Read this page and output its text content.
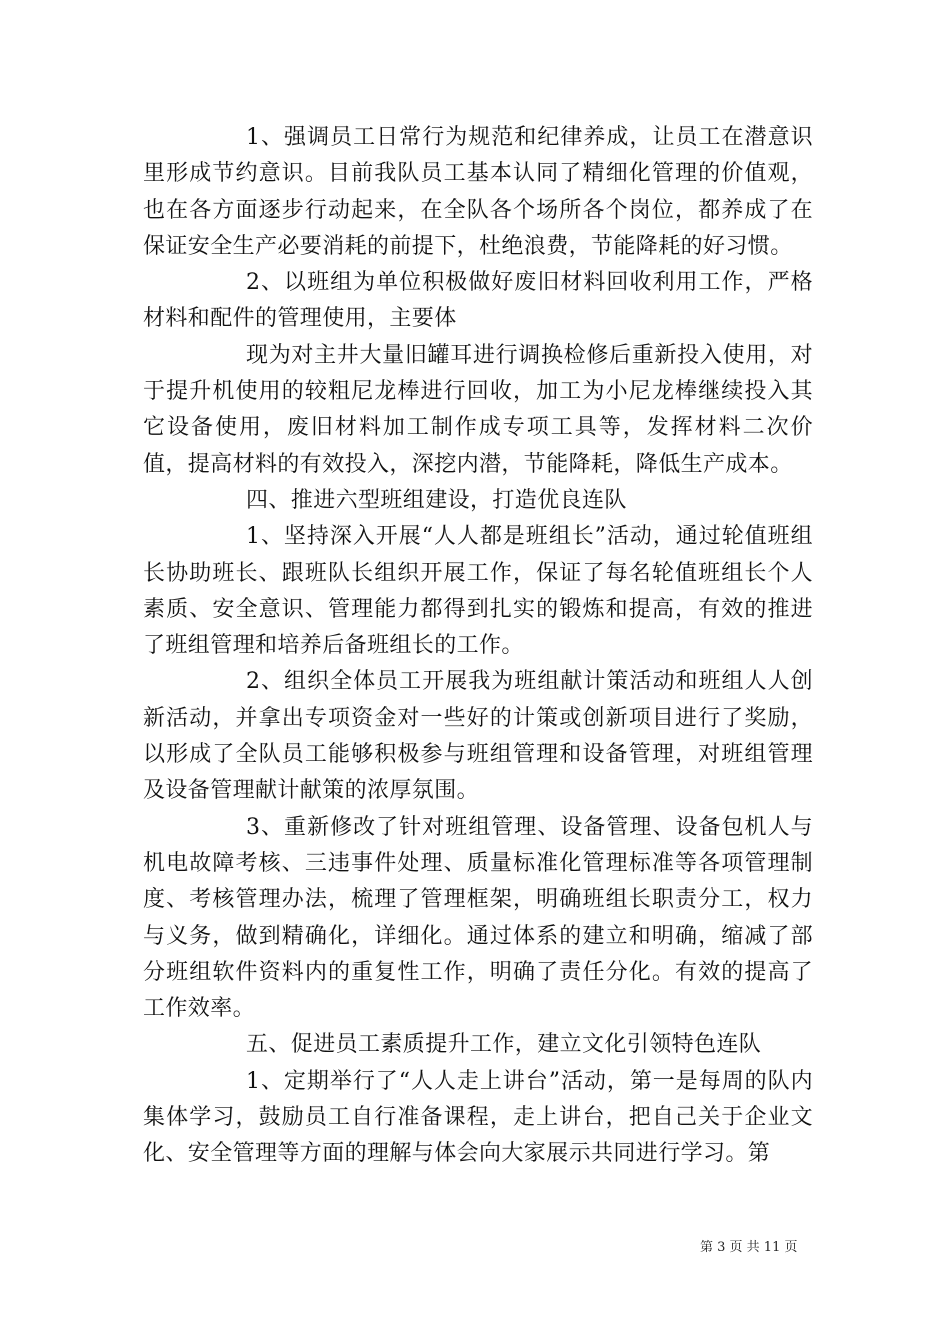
1、强调员工日常行为规范和纪律养成，让员工在潜意识里形成节约意识。目前我队员工基本认同了精细化管理的价值观，也在各方面逐步行动起来，在全队各个场所各个岗位，都养成了在保证安全生产必要消耗的前提下，杜绝浪费，节能降耗的好习惯。

2、以班组为单位积极做好废旧材料回收利用工作，严格材料和配件的管理使用，主要体

现为对主井大量旧罐耳进行调换检修后重新投入使用，对于提升机使用的较粗尼龙棒进行回收，加工为小尼龙棒继续投入其它设备使用，废旧材料加工制作成专项工具等，发挥材料二次价值，提高材料的有效投入，深挖内潜，节能降耗，降低生产成本。

四、推进六型班组建设，打造优良连队

1、坚持深入开展“人人都是班组长”活动，通过轮值班组长协助班长、跟班队长组织开展工作，保证了每名轮值班组长个人素质、安全意识、管理能力都得到扎实的锻炼和提高，有效的推进了班组管理和培养后备班组长的工作。

2、组织全体员工开展我为班组献计策活动和班组人人创新活动，并拿出专项资金对一些好的计策或创新项目进行了奖励，以形成了全队员工能够积极参与班组管理和设备管理，对班组管理及设备管理献计献策的浓厚氛围。

3、重新修改了针对班组管理、设备管理、设备包机人与机电故障考核、三违事件处理、质量标准化管理标准等各项管理制度、考核管理办法，梳理了管理框架，明确班组长职责分工，权力与义务，做到精确化，详细化。通过体系的建立和明确，缩减了部分班组软件资料内的重复性工作，明确了责任分化。有效的提高了工作效率。

五、促进员工素质提升工作，建立文化引领特色连队

1、定期举行了“人人走上讲台”活动，第一是每周的队内集体学习，鼓励员工自行准备课程，走上讲台，把自己关于企业文化、安全管理等方面的理解与体会向大家展示共同进行学习。第

第 3 页 共 11 页
